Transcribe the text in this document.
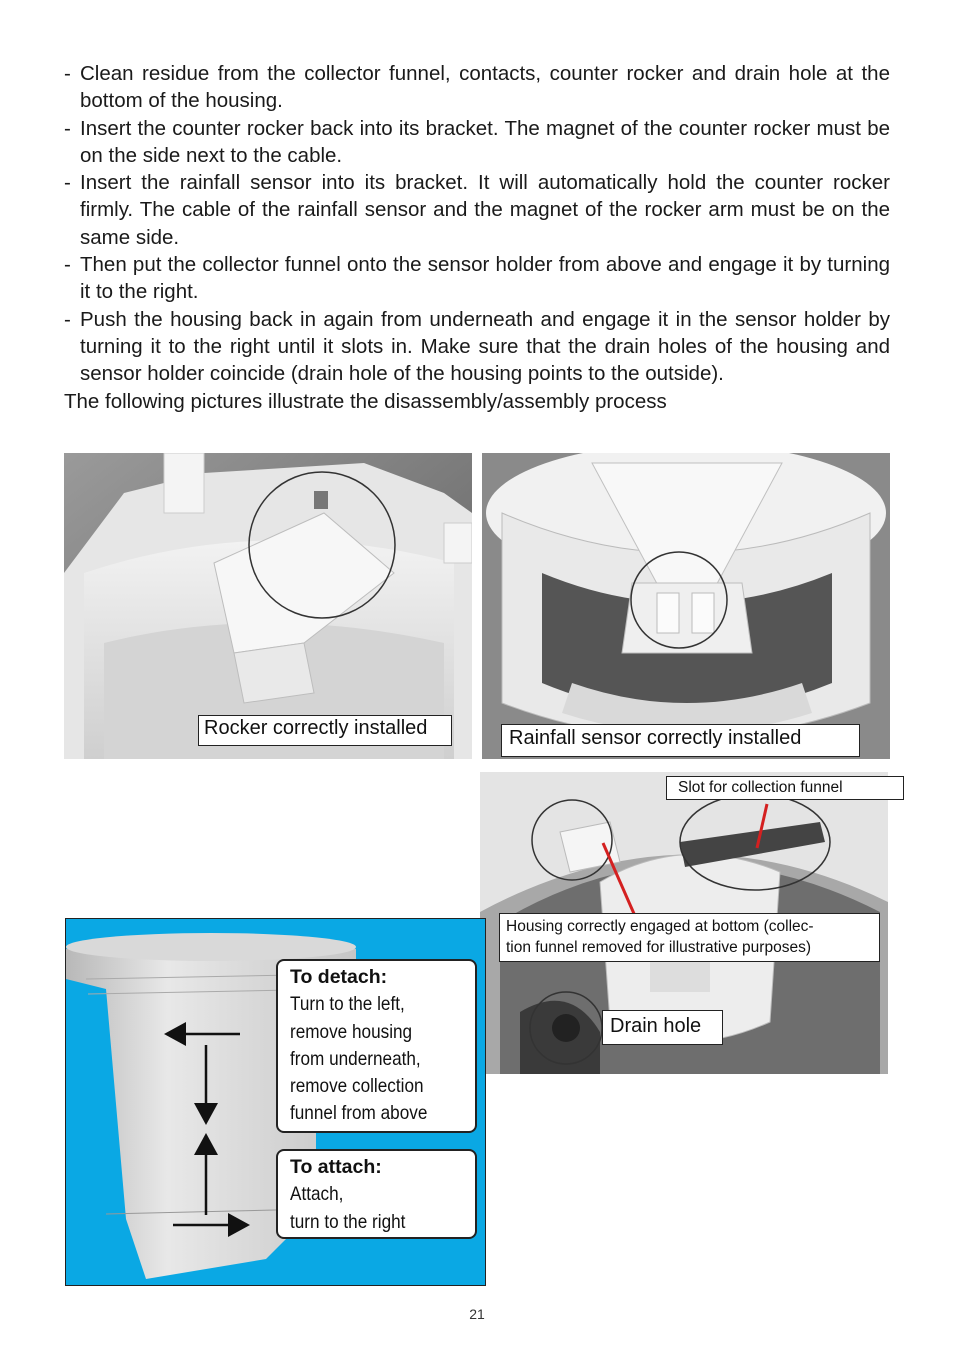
- Clean residue from the collector funnel, contacts, counter rocker and drain hole at the bottom of the housing.
- Insert the counter rocker back into its bracket. The magnet of the counter rocker must be on the side next to the cable.
- Insert the rainfall sensor into its bracket. It will automatically hold the counter rocker firmly. The cable of the rainfall sensor and the magnet of the rocker arm must be on the same side.
- Then put the collector funnel onto the sensor holder from above and engage it by turning it to the right.
- Push the housing back in again from underneath and engage it in the sensor holder by turning it to the right until it slots in. Make sure that the drain holes of the housing and sensor holder coincide (drain hole of the housing points to the outside).
The following pictures illustrate the disassembly/assembly process
Rocker correctly installed	Rainfall sensor correctly installed
Slot for collection funnel
Housing correctly engaged at bottom (collec-
tion funnel removed for illustrative purposes)
Drain hole
To detach:
Turn to the left,
remove housing
from underneath,
remove collection
funnel from above
To attach:
Attach,
turn to the right
21
